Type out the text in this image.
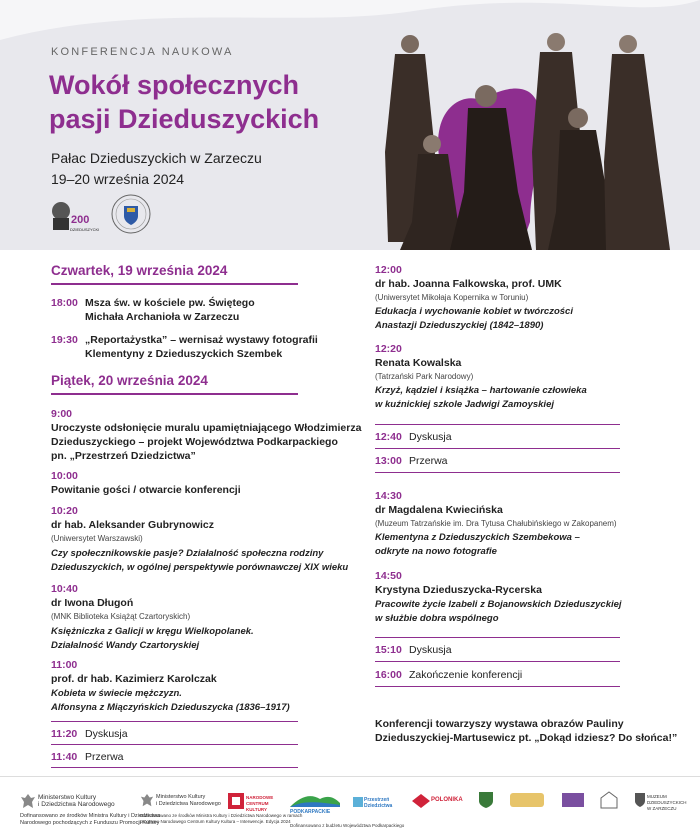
KONFERENCJA NAUKOWA
Wokół społecznych
pasji Dzieduszyckich
Pałac Dzieduszyckich w Zarzeczu
19–20 września 2024
200
DZIEDUSZYCKI
Czwartek, 19 września 2024
18:00 Msza św. w kościele pw. Świętego
Michała Archanioła w Zarzeczu
19:30 „Reportażystka” – wernisaż wystawy fotografii
Klementyny z Dzieduszyckich Szembek
Piątek, 20 września 2024
9:00
Uroczyste odsłonięcie muralu upamiętniającego Włodzimierza
Dzieduszyckiego – projekt Województwa Podkarpackiego
pn. „Przestrzeń Dziedzictwa”
10:00
Powitanie gości / otwarcie konferencji
10:20
dr hab. Aleksander Gubrynowicz
(Uniwersytet Warszawski)
Czy społecznikowskie pasje? Działalność społeczna rodziny
Dzieduszyckich, w ogólnej perspektywie porównawczej XIX wieku
10:40
dr Iwona Długoń
(MNK Biblioteka Książąt Czartoryskich)
Księżniczka z Galicji w kręgu Wielkopolanek.
Działalność Wandy Czartoryskiej
11:00
prof. dr hab. Kazimierz Karolczak
Kobieta w świecie mężczyzn.
Alfonsyna z Miączyńskich Dzieduszycka (1836–1917)
11:20 Dyskusja
11:40 Przerwa
12:00
dr hab. Joanna Falkowska, prof. UMK
(Uniwersytet Mikołaja Kopernika w Toruniu)
Edukacja i wychowanie kobiet w twórczości
Anastazji Dzieduszyckiej (1842–1890)
12:20
Renata Kowalska
(Tatrzański Park Narodowy)
Krzyż, kądziel i książka – hartowanie człowieka
w kuźnickiej szkole Jadwigi Zamoyskiej
12:40 Dyskusja
13:00 Przerwa
14:30
dr Magdalena Kwiecińska
(Muzeum Tatrzańskie im. Dra Tytusa Chałubińskiego w Zakopanem)
Klementyna z Dzieduszyckich Szembekowa –
odkryte na nowo fotografie
14:50
Krystyna Dzieduszycka-Rycerska
Pracowite życie Izabeli z Bojanowskich Dzieduszyckiej
w służbie dobra wspólnego
15:10 Dyskusja
16:00 Zakończenie konferencji
Konferencji towarzyszy wystawa obrazów Pauliny
Dzieduszyckiej-Martusewicz pt. „Dokąd idziesz? Do słońca!”
Ministerstwo Kultury
i Dziedzictwa Narodowego
Dofinansowano ze środków Ministra Kultury i Dziedzictwa
Narodowego pochodzących z Funduszu Promocji Kultury
Ministerstwo Kultury
i Dziedzictwa Narodowego
Dofinansowano ze środków Ministra Kultury i Dziedzictwa Narodowego w ramach
programu Narodowego Centrum Kultury Kultura – Interwencje. Edycja 2024
NARODOWE CENTRUM KULTURY	PODKARPACKIE
Dofinansowano z budżetu Województwa Podkarpackiego
Przestrzeń Dziedzictwa
POLONIKA
MUZEUM DZIEDUSZYCKICH W ZARZECZU
